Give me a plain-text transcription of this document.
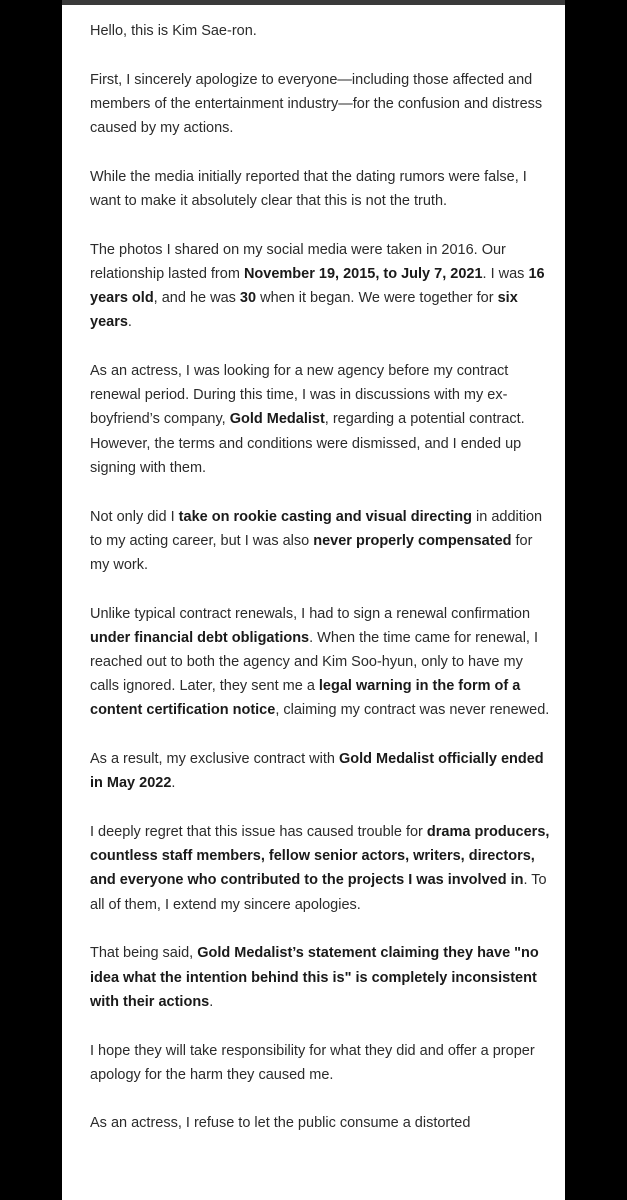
Hello, this is Kim Sae-ron.

First, I sincerely apologize to everyone—including those affected and members of the entertainment industry—for the confusion and distress caused by my actions.

While the media initially reported that the dating rumors were false, I want to make it absolutely clear that this is not the truth.

The photos I shared on my social media were taken in 2016. Our relationship lasted from November 19, 2015, to July 7, 2021. I was 16 years old, and he was 30 when it began. We were together for six years.

As an actress, I was looking for a new agency before my contract renewal period. During this time, I was in discussions with my ex-boyfriend’s company, Gold Medalist, regarding a potential contract. However, the terms and conditions were dismissed, and I ended up signing with them.

Not only did I take on rookie casting and visual directing in addition to my acting career, but I was also never properly compensated for my work.

Unlike typical contract renewals, I had to sign a renewal confirmation under financial debt obligations. When the time came for renewal, I reached out to both the agency and Kim Soo-hyun, only to have my calls ignored. Later, they sent me a legal warning in the form of a content certification notice, claiming my contract was never renewed.

As a result, my exclusive contract with Gold Medalist officially ended in May 2022.

I deeply regret that this issue has caused trouble for drama producers, countless staff members, fellow senior actors, writers, directors, and everyone who contributed to the projects I was involved in. To all of them, I extend my sincere apologies.

That being said, Gold Medalist’s statement claiming they have "no idea what the intention behind this is" is completely inconsistent with their actions.

I hope they will take responsibility for what they did and offer a proper apology for the harm they caused me.

As an actress, I refuse to let the public consume a distorted
